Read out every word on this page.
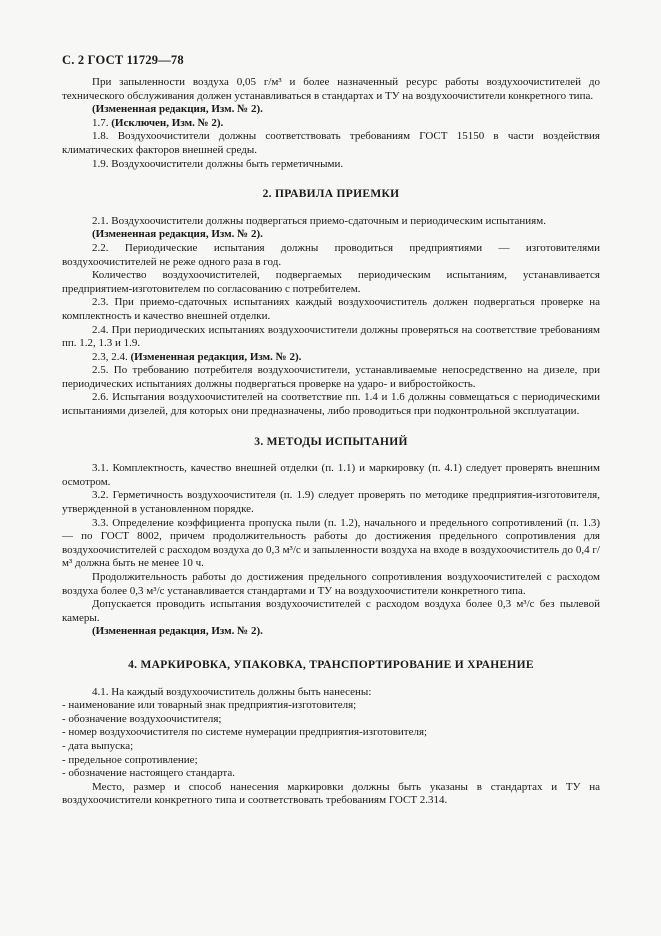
С. 2 ГОСТ 11729—78

При запыленности воздуха 0,05 г/м³ и более назначенный ресурс работы воздухоочистителей до технического обслуживания должен устанавливаться в стандартах и ТУ на воздухоочистители конкретного типа.

(Измененная редакция, Изм. № 2).

1.7. (Исключен, Изм. № 2).

1.8. Воздухоочистители должны соответствовать требованиям ГОСТ 15150 в части воздействия климатических факторов внешней среды.

1.9. Воздухоочистители должны быть герметичными.

2. ПРАВИЛА ПРИЕМКИ

2.1. Воздухоочистители должны подвергаться приемо-сдаточным и периодическим испытаниям.

(Измененная редакция, Изм. № 2).

2.2. Периодические испытания должны проводиться предприятиями — изготовителями воздухоочистителей не реже одного раза в год.

Количество воздухоочистителей, подвергаемых периодическим испытаниям, устанавливается предприятием-изготовителем по согласованию с потребителем.

2.3. При приемо-сдаточных испытаниях каждый воздухоочиститель должен подвергаться проверке на комплектность и качество внешней отделки.

2.4. При периодических испытаниях воздухоочистители должны проверяться на соответствие требованиям пп. 1.2, 1.3 и 1.9.

2.3, 2.4. (Измененная редакция, Изм. № 2).

2.5. По требованию потребителя воздухоочистители, устанавливаемые непосредственно на дизеле, при периодических испытаниях должны подвергаться проверке на ударо- и вибростойкость.

2.6. Испытания воздухоочистителей на соответствие пп. 1.4 и 1.6 должны совмещаться с периодическими испытаниями дизелей, для которых они предназначены, либо проводиться при подконтрольной эксплуатации.

3. МЕТОДЫ ИСПЫТАНИЙ

3.1. Комплектность, качество внешней отделки (п. 1.1) и маркировку (п. 4.1) следует проверять внешним осмотром.

3.2. Герметичность воздухоочистителя (п. 1.9) следует проверять по методике предприятия-изготовителя, утвержденной в установленном порядке.

3.3. Определение коэффициента пропуска пыли (п. 1.2), начального и предельного сопротивлений (п. 1.3) — по ГОСТ 8002, причем продолжительность работы до достижения предельного сопротивления для воздухоочистителей с расходом воздуха до 0,3 м³/с и запыленности воздуха на входе в воздухоочиститель до 0,4 г/м³ должна быть не менее 10 ч.

Продолжительность работы до достижения предельного сопротивления воздухоочистителей с расходом воздуха более 0,3 м³/с устанавливается стандартами и ТУ на воздухоочистители конкретного типа.

Допускается проводить испытания воздухоочистителей с расходом воздуха более 0,3 м³/с без пылевой камеры.

(Измененная редакция, Изм. № 2).

4. МАРКИРОВКА, УПАКОВКА, ТРАНСПОРТИРОВАНИЕ И ХРАНЕНИЕ

4.1. На каждый воздухоочиститель должны быть нанесены:

- наименование или товарный знак предприятия-изготовителя;

- обозначение воздухоочистителя;

- номер воздухоочистителя по системе нумерации предприятия-изготовителя;

- дата выпуска;

- предельное сопротивление;

- обозначение настоящего стандарта.

Место, размер и способ нанесения маркировки должны быть указаны в стандартах и ТУ на воздухоочистители конкретного типа и соответствовать требованиям ГОСТ 2.314.
